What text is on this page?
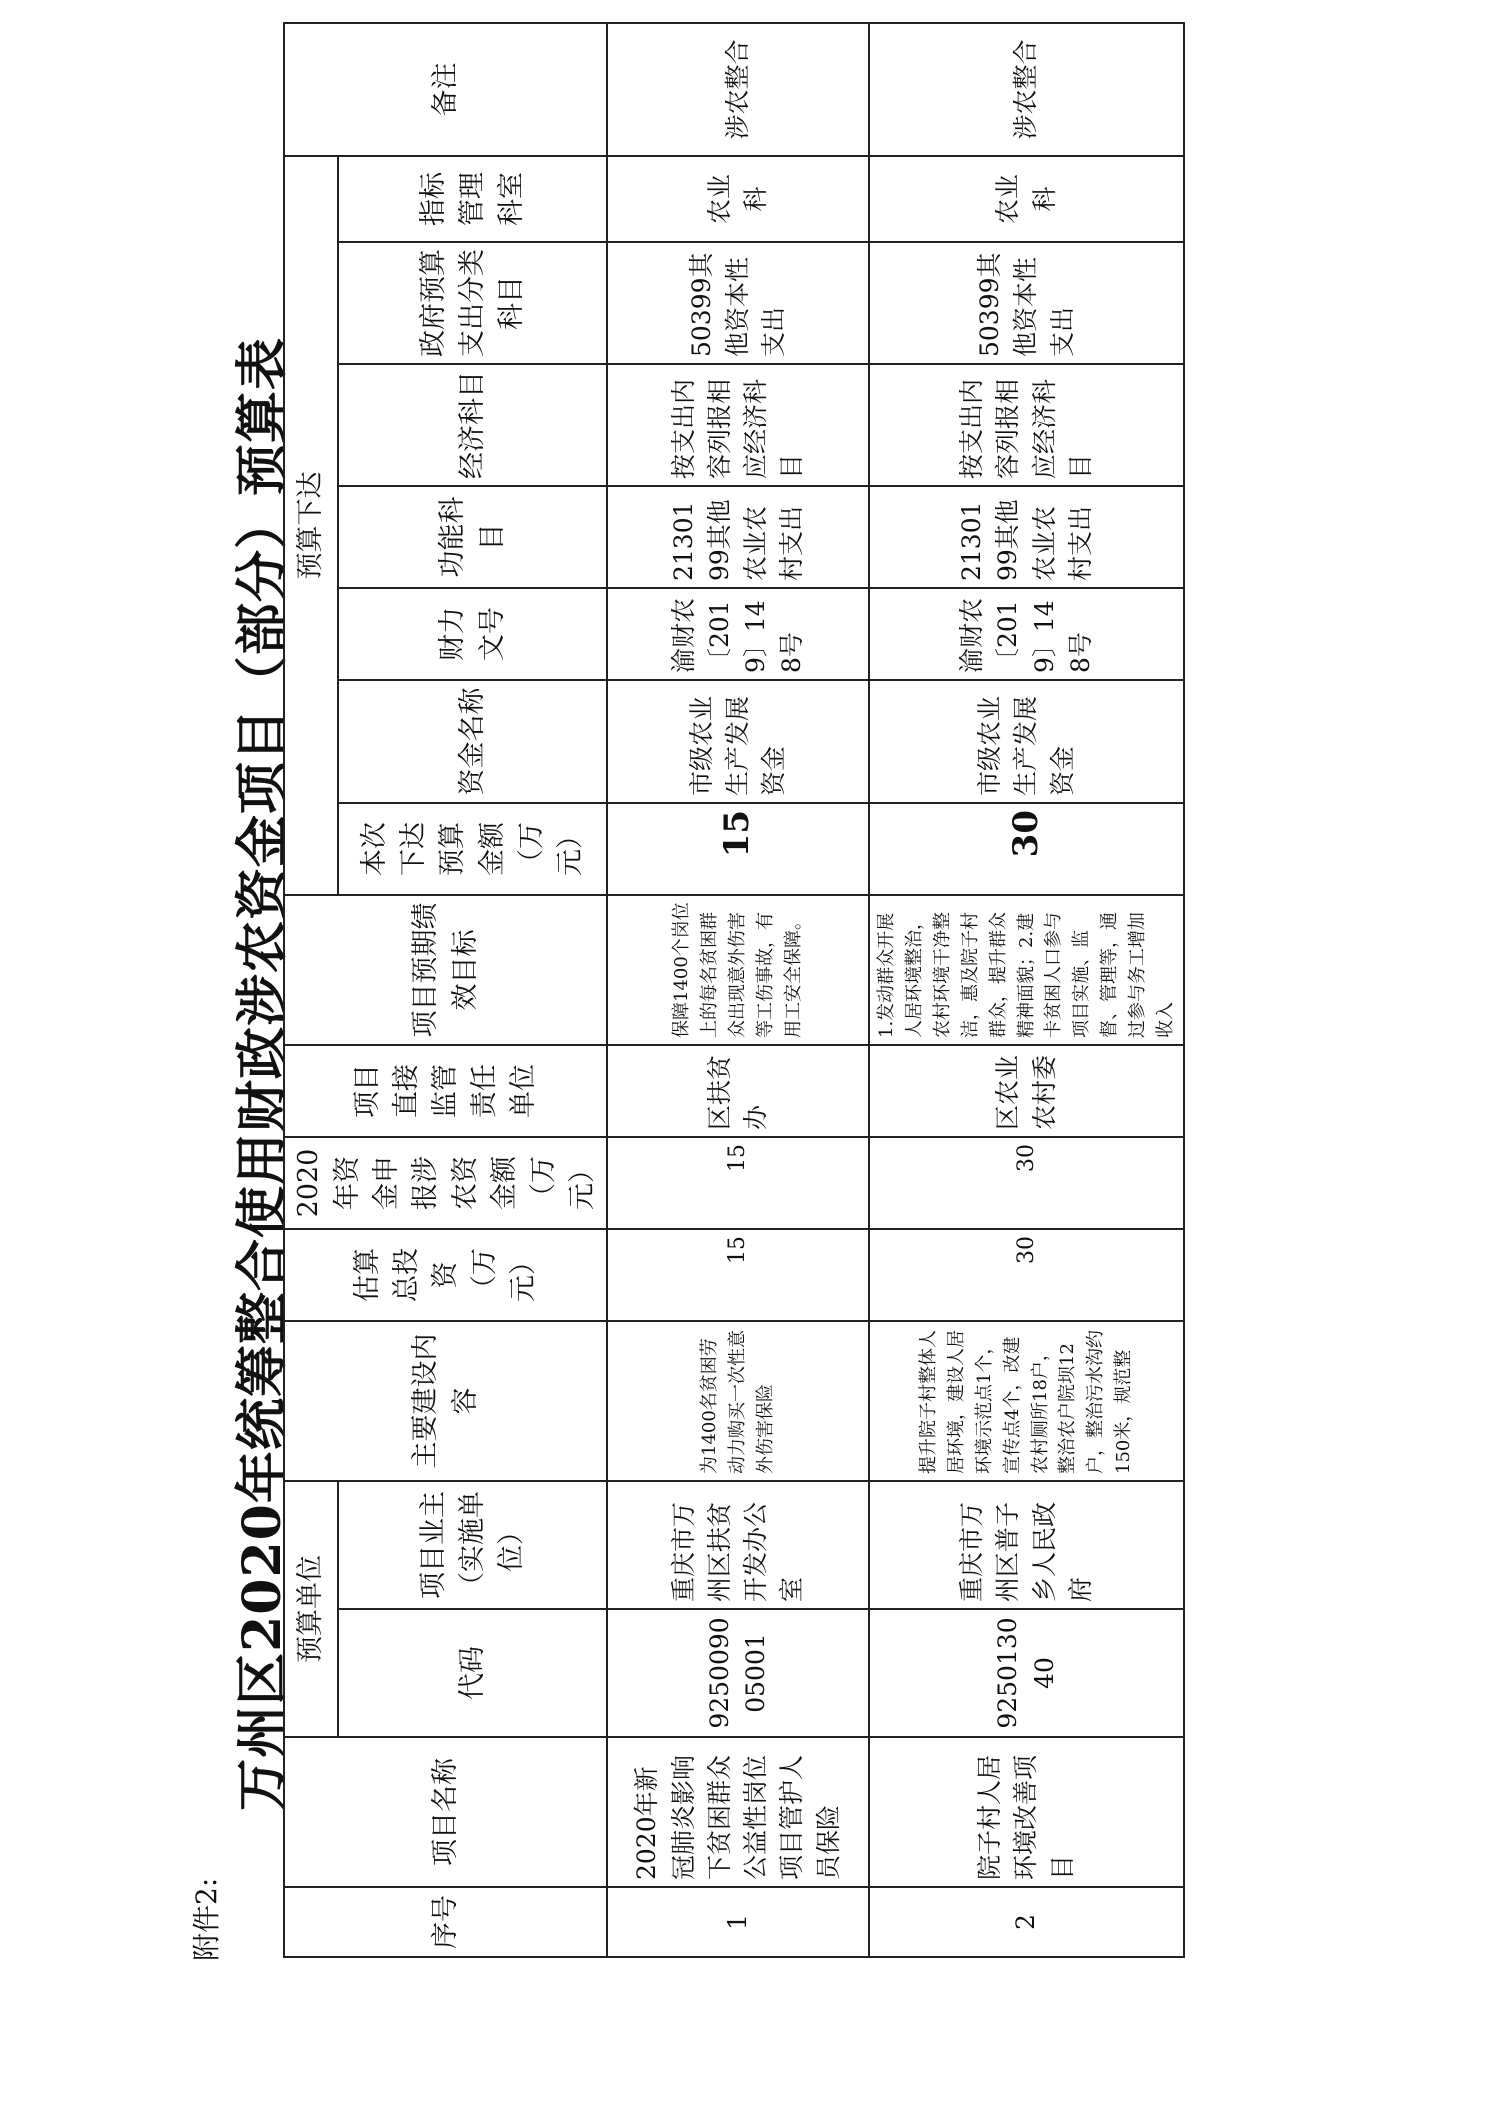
附件2:
万州区2020年统筹整合使用财政涉农资金项目（部分）预算表
序号	项目名称	预算单位		主要建设内容	估算总投资（万元）	2020年资金申报涉农资金额（万元）	项目直接监管责任单位	项目预期绩效目标	预算下达							备注
		代码	项目业主（实施单位）						本次下达预算金额（万元）	资金名称	财力文号	功能科目	经济科目	政府预算支出分类科目	指标管理科室	
1	2020年新冠肺炎影响下贫困群众公益性岗位项目管护人员保险	925009005001	重庆市万州区扶贫开发办公室	为1400名贫困劳动力购买一次性意外伤害保险	15	15	区扶贫办	保障1400个岗位上的每名贫困群众出现意外伤害等工伤事故，有用工安全保障。	15	市级农业生产发展资金	渝财农〔2019〕148号	2130199其他农业农村支出	按支出内容列报相应经济科目	50399其他资本性支出	农业科	涉农整合
2	院子村人居环境改善项目	925013040	重庆市万州区普子乡人民政府	提升院子村整体人居环境，建设人居环境示范点1个，宣传点4个，改建农村厕所18户，整治农户院坝12户，整治污水沟约150米，规范整	30	30	区农业农村委	1.发动群众开展人居环境整治，农村环境干净整洁，惠及院子村群众，提升群众精神面貌；2.建卡贫困人口参与项目实施、监督、管理等，通过参与务工增加收入	30	市级农业生产发展资金	渝财农〔2019〕148号	2130199其他农业农村支出	按支出内容列报相应经济科目	50399其他资本性支出	农业科	涉农整合
